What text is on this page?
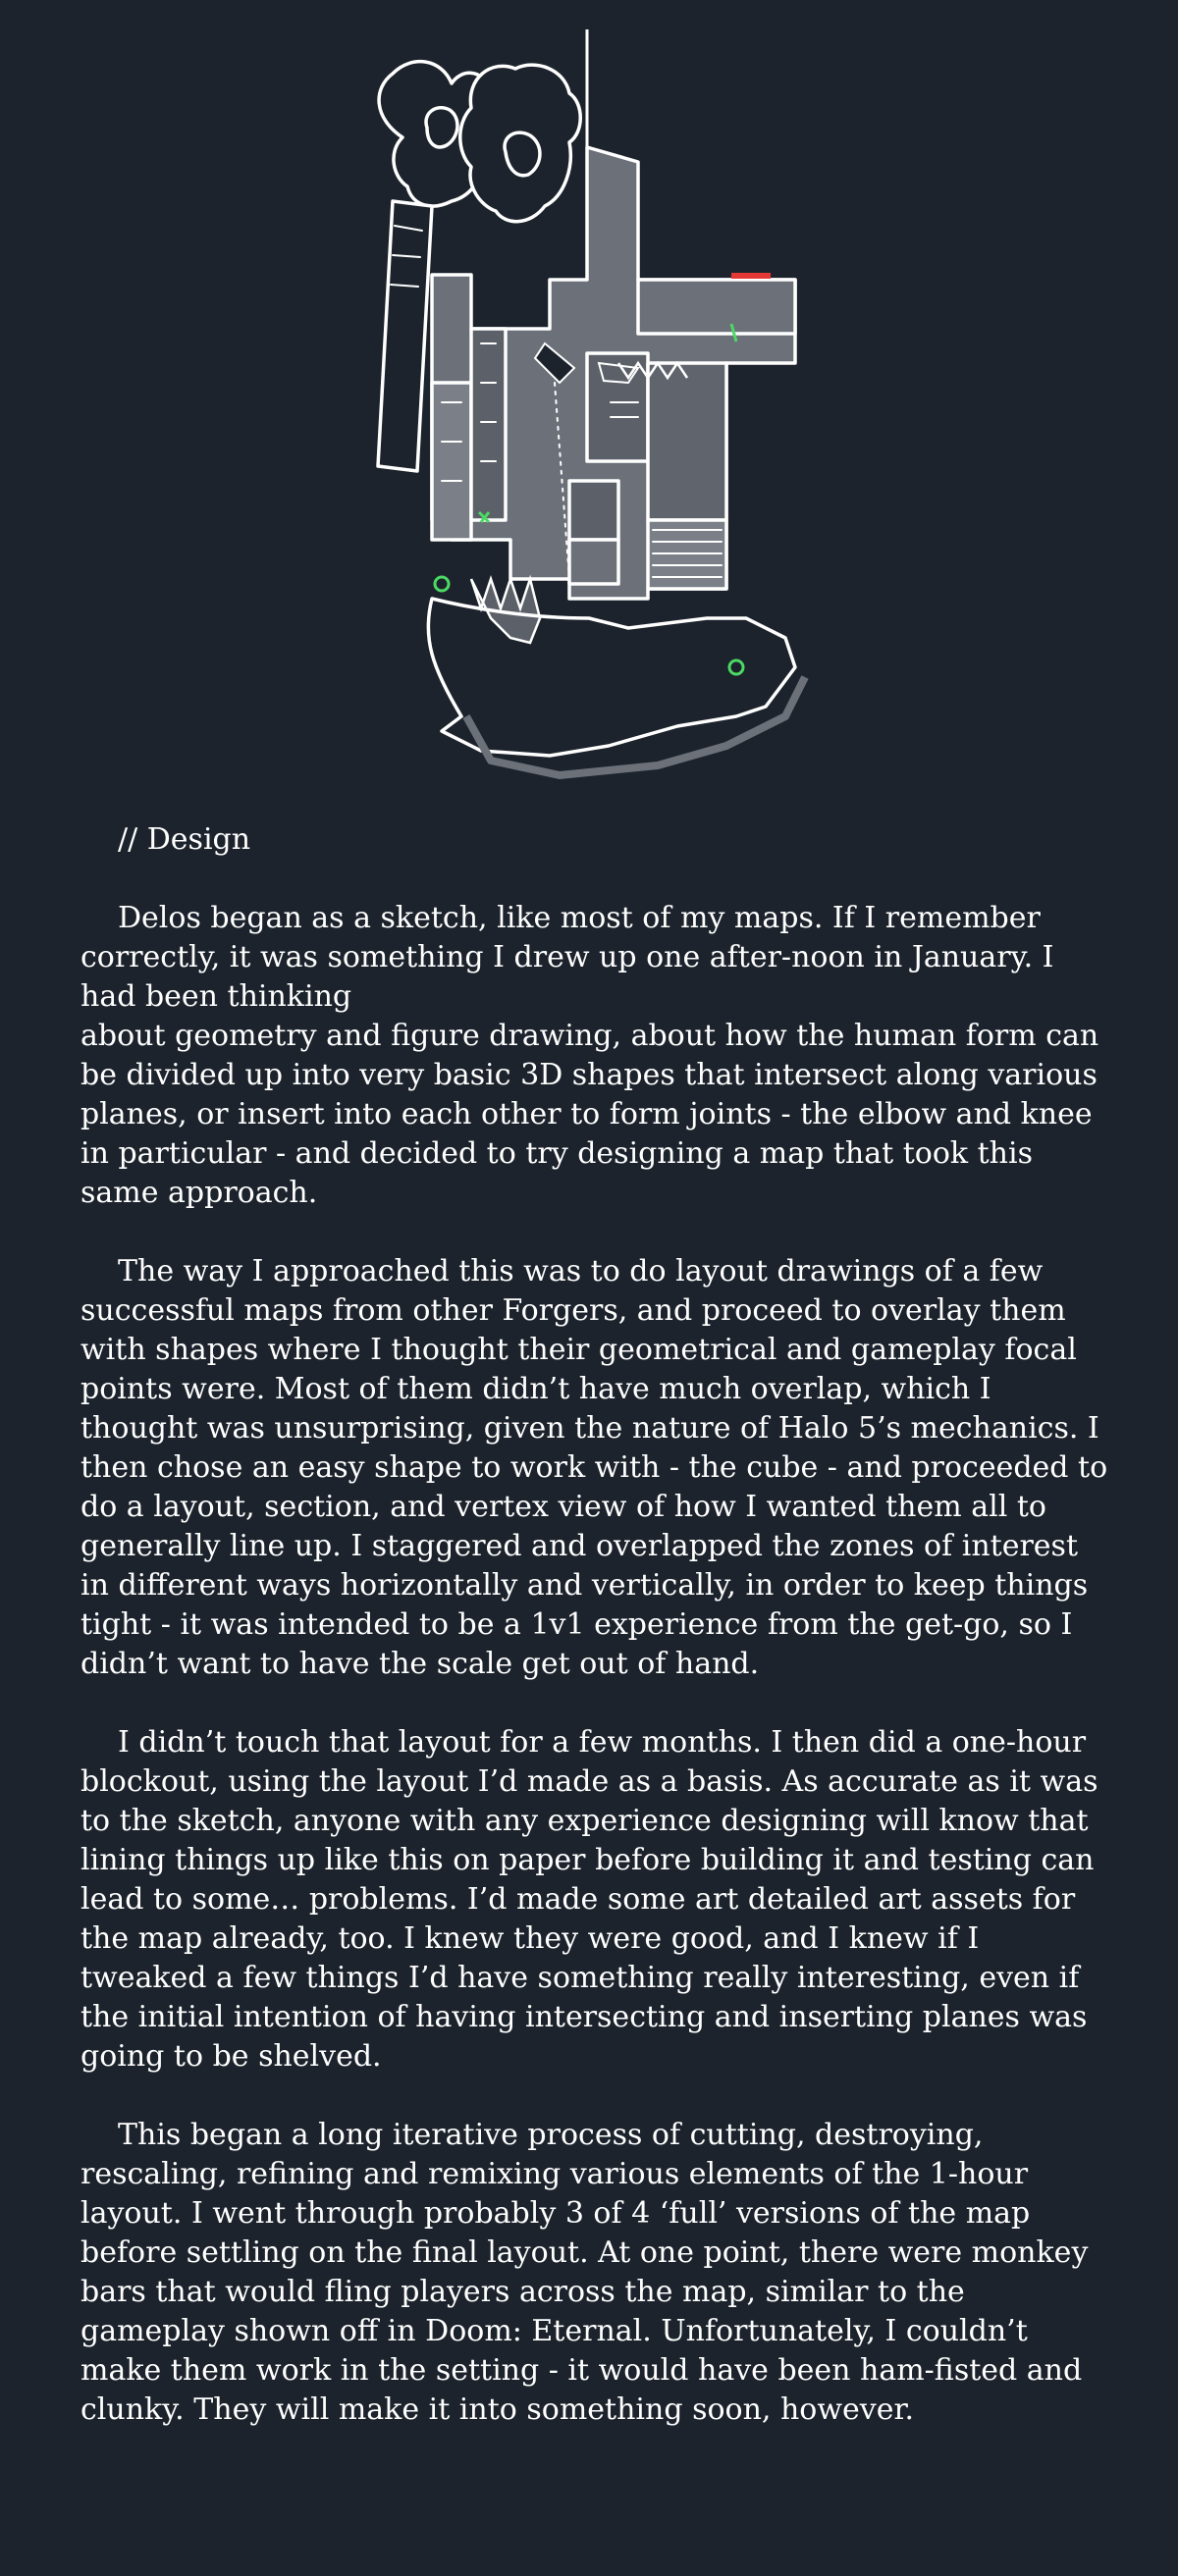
// Design

Delos began as a sketch, like most of my maps. If I remember correctly, it was something I drew up one after-noon in January. I had been thinking

about geometry and figure drawing, about how the human form can be divided up into very basic 3D shapes that intersect along various planes, or insert into each other to form joints - the elbow and knee in particular - and decided to try designing a map that took this same approach.

The way I approached this was to do layout drawings of a few successful maps from other Forgers, and proceed to overlay them with shapes where I thought their geometrical and gameplay focal points were. Most of them didn’t have much overlap, which I thought was unsurprising, given the nature of Halo 5’s mechanics. I then chose an easy shape to work with - the cube - and proceeded to do a layout, section, and vertex view of how I wanted them all to generally line up. I staggered and overlapped the zones of interest in different ways horizontally and vertically, in order to keep things tight - it was intended to be a 1v1 experience from the get-go, so I didn’t want to have the scale get out of hand.

I didn’t touch that layout for a few months. I then did a one-hour blockout, using the layout I’d made as a basis. As accurate as it was to the sketch, anyone with any experience designing will know that lining things up like this on paper before building it and testing can lead to some… problems. I’d made some art detailed art assets for the map already, too. I knew they were good, and I knew if I tweaked a few things I’d have something really interesting, even if the initial intention of having intersecting and inserting planes was going to be shelved.

This began a long iterative process of cutting, destroying, rescaling, refining and remixing various elements of the 1-hour layout. I went through probably 3 of 4 ‘full’ versions of the map before settling on the final layout. At one point, there were monkey bars that would fling players across the map, similar to the gameplay shown off in Doom: Eternal. Unfortunately, I couldn’t make them work in the setting - it would have been ham-fisted and clunky. They will make it into something soon, however.
